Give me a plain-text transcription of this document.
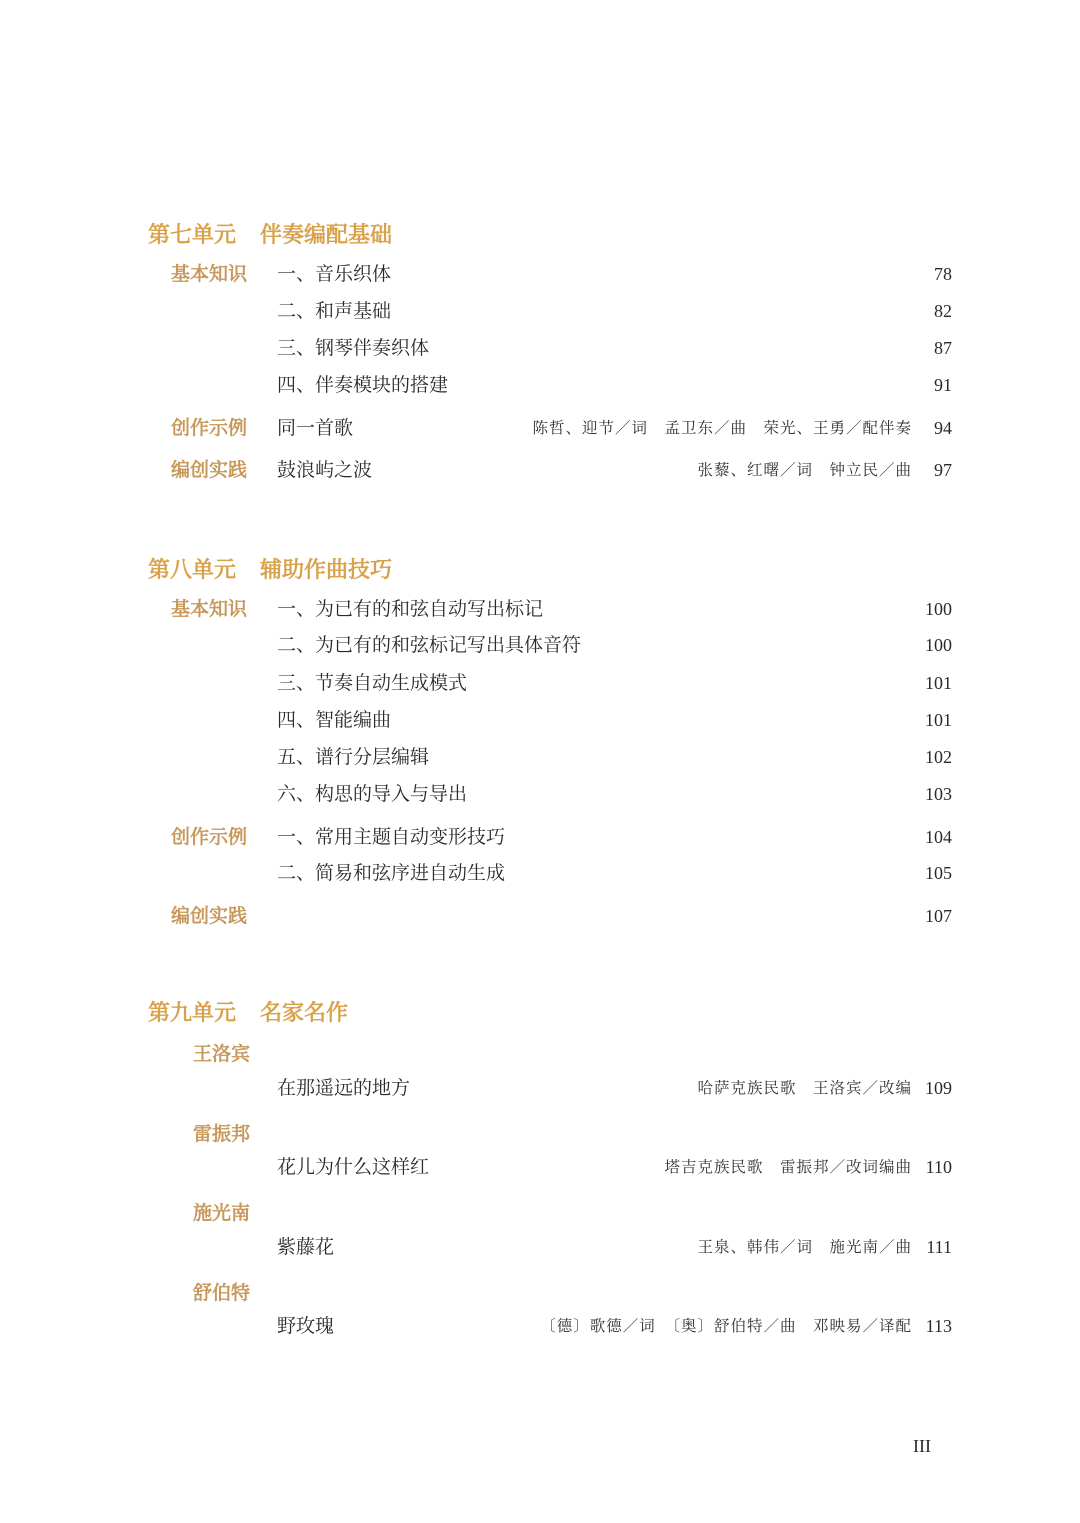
第七单元 伴奏编配基础
基本知识 一、音乐织体	78
二、和声基础	82
三、钢琴伴奏织体	87
四、伴奏模块的搭建	91
创作示例 同一首歌	陈哲、迎节／词　孟卫东／曲　荣光、王勇／配伴奏 94
编创实践 鼓浪屿之波	张藜、红曙／词　钟立民／曲 97
第八单元 辅助作曲技巧
基本知识 一、为已有的和弦自动写出标记	100
二、为已有的和弦标记写出具体音符	100
三、节奏自动生成模式	101
四、智能编曲	101
五、谱行分层编辑	102
六、构思的导入与导出	103
创作示例 一、常用主题自动变形技巧	104
二、简易和弦序进自动生成	105
编创实践	107
第九单元 名家名作
王洛宾
在那遥远的地方	哈萨克族民歌　王洛宾／改编 109
雷振邦
花儿为什么这样红	塔吉克族民歌　雷振邦／改词编曲 110
施光南
紫藤花	王泉、韩伟／词　施光南／曲 111
舒伯特
野玫瑰	〔德〕歌德／词　〔奥〕舒伯特／曲　邓映易／译配 113
III
